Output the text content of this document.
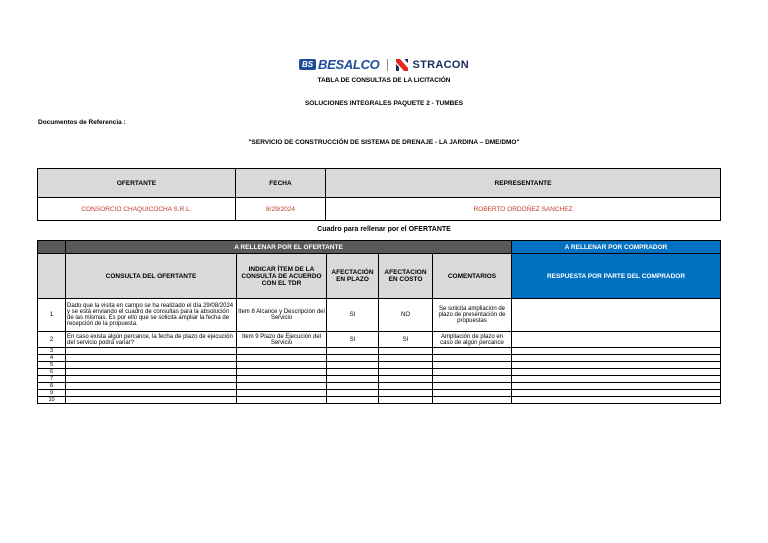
BS BESALCO	STRACON
TABLA DE CONSULTAS DE LA LICITACIÓN
SOLUCIONES INTEGRALES PAQUETE 2 - TUMBES
Documentos de Referencia :
"SERVICIO DE CONSTRUCCIÓN DE SISTEMA DE DRENAJE - LA JARDINA – DME/DMO"
OFERTANTE	FECHA	REPRESENTANTE
CONSORCIO CHAQUICOCHA S.R.L.	8/29/2024	ROBERTO ORDOÑEZ SANCHEZ
Cuadro para rellenar por el OFERTANTE
	A RELLENAR POR EL OFERTANTE					A RELLENAR POR COMPRADOR
	CONSULTA DEL OFERTANTE	INDICAR ÍTEM DE LA CONSULTA DE ACUERDO CON EL TDR	AFECTACIÓN EN PLAZO	AFECTACION EN COSTO	COMENTARIOS	RESPUESTA POR PARTE DEL COMPRADOR
1	Dado que la visita en campo se ha realizado el día 29/08/2024 y se está enviando el cuadro de consultas para la absolución de las mismas. Es por ello que se solicita ampliar la fecha de recepción de la propuesta.	Item 8 Alcance y Descripción del Servicio	SI	NO	Se solicita ampliación de plazo de presentación de propuestas	
2	En caso exista algún percance, la fecha de plazo de ejecución del servicio podrá variar?	Item 9 Plazo de Ejecución del Servicio	SI	SI	Ampliación de plazo en caso de algún percance	
3						
4						
5						
6						
7						
8						
9						
10						
